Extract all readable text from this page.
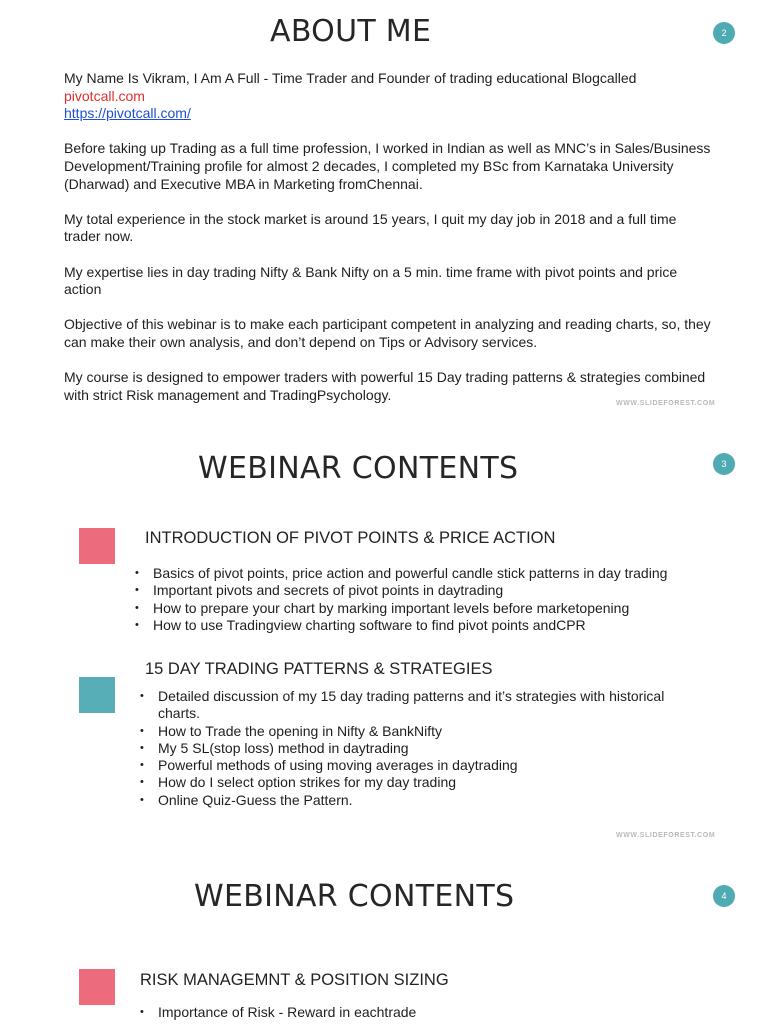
ABOUT ME	2

My Name Is Vikram, I Am A Full - Time Trader and Founder of trading educational Blogcalled

pivotcall.com

https://pivotcall.com/

Before taking up Trading as a full time profession, I worked in Indian as well as MNC’s in Sales/Business Development/Training profile for almost 2 decades, I completed my BSc from Karnataka University (Dharwad) and Executive MBA in Marketing fromChennai.

My total experience in the stock market is around 15 years, I quit my day job in 2018 and a full time trader now.

My expertise lies in day trading Nifty & Bank Nifty on a 5 min. time frame with pivot points and price action

Objective of this webinar is to make each participant competent in analyzing and reading charts, so, they can make their own analysis, and don’t depend on Tips or Advisory services.

My course is designed to empower traders with powerful 15 Day trading patterns & strategies combined with strict Risk management and TradingPsychology.

WWW.SLIDEFOREST.COM
WEBINAR CONTENTS	3
INTRODUCTION OF PIVOT POINTS & PRICE ACTION
• Basics of pivot points, price action and powerful candle stick patterns in day trading
• Important pivots and secrets of pivot points in daytrading
• How to prepare your chart by marking important levels before marketopening
• How to use Tradingview charting software to find pivot points andCPR
15 DAY TRADING PATTERNS & STRATEGIES
• Detailed discussion of my 15 day trading patterns and it’s strategies with historical charts.
• How to Trade the opening in Nifty & BankNifty
• My 5 SL(stop loss) method in daytrading
• Powerful methods of using moving averages in daytrading
• How do I select option strikes for my day trading
• Online Quiz-Guess the Pattern.
WWW.SLIDEFOREST.COM
WEBINAR CONTENTS	4
RISK MANAGEMNT & POSITION SIZING
• Importance of Risk - Reward in eachtrade
